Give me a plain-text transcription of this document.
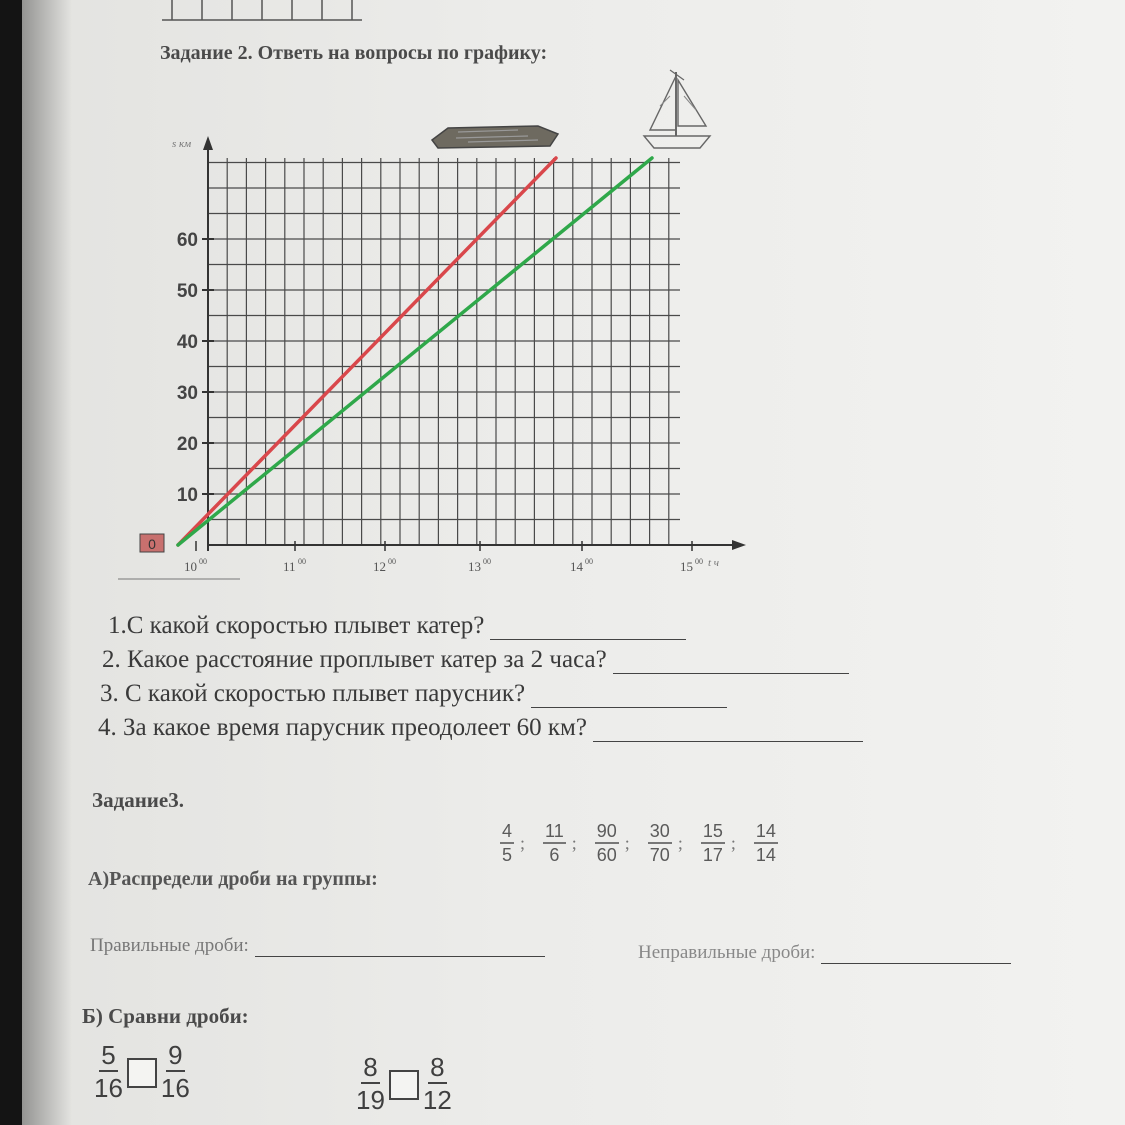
Задание 2. Ответь на вопросы по графику:
s км
t ч
10
20
30
40
50
60
0
10 00	11 00	12 00	13 00	14 00	15 00
1.С какой скоростью плывет катер?
2. Какое расстояние проплывет катер за 2 часа?
3. С какой скоростью плывет парусник?
4. За какое время парусник преодолеет 60 км?
Задание3.
$\frac{4}{5}$ ; $\frac{11}{6}$ ; $\frac{90}{60}$ ; $\frac{30}{70}$ ; $\frac{15}{17}$ ; $\frac{14}{14}$
А)Распредели дроби на группы:
Правильные дроби:	Неправильные дроби:
Б) Сравни дроби:
$\frac{5}{16} \frac{9}{16}$	$\frac{8}{19} \frac{8}{12}$
